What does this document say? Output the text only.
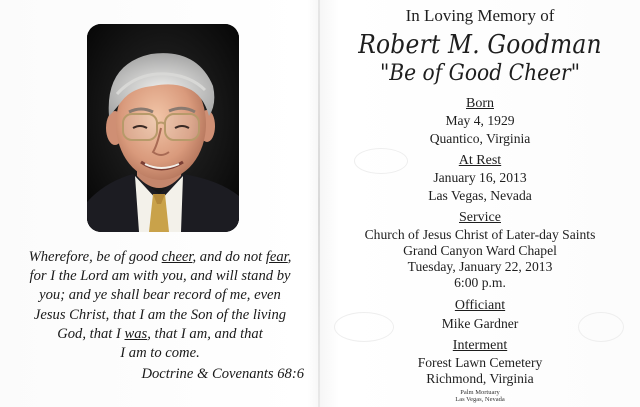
Wherefore, be of good cheer, and do not fear,
for I the Lord am with you, and will stand by
you; and ye shall bear record of me, even
Jesus Christ, that I am the Son of the living
God, that I was, that I am, and that
I am to come.
Doctrine & Covenants 68:6
In Loving Memory of
Robert M. Goodman
"Be of Good Cheer"
Born
May 4, 1929
Quantico, Virginia
At Rest
January 16, 2013
Las Vegas, Nevada
Service
Church of Jesus Christ of Later-day Saints
Grand Canyon Ward Chapel
Tuesday, January 22, 2013
6:00 p.m.
Officiant
Mike Gardner
Interment
Forest Lawn Cemetery
Richmond, Virginia
Palm Mortuary
Las Vegas, Nevada
